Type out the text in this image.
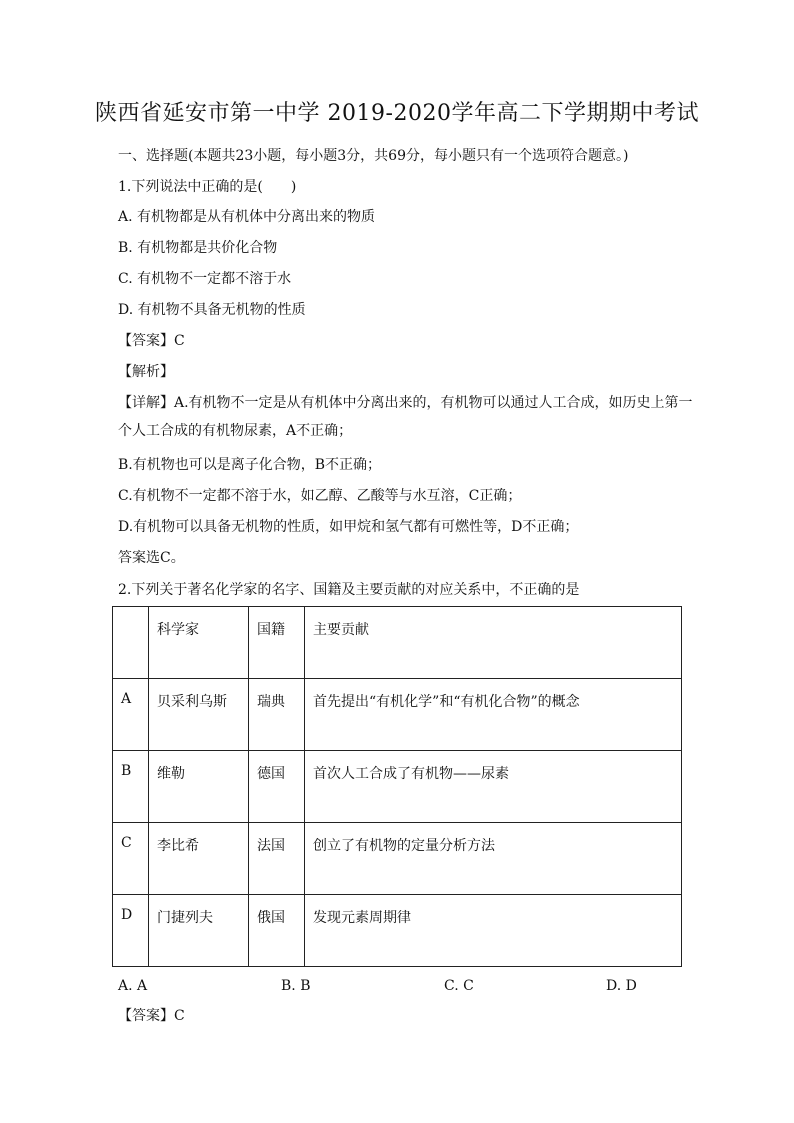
陕西省延安市第一中学 2019-2020学年高二下学期期中考试
一、选择题(本题共23小题，每小题3分，共69分，每小题只有一个选项符合题意。)
1.下列说法中正确的是(　　)
A. 有机物都是从有机体中分离出来的物质
B. 有机物都是共价化合物
C. 有机物不一定都不溶于水
D. 有机物不具备无机物的性质
【答案】C
【解析】
【详解】A.有机物不一定是从有机体中分离出来的，有机物可以通过人工合成，如历史上第一个人工合成的有机物尿素，A不正确；
B.有机物也可以是离子化合物，B不正确；
C.有机物不一定都不溶于水，如乙醇、乙酸等与水互溶，C正确；
D.有机物可以具备无机物的性质，如甲烷和氢气都有可燃性等，D不正确；
答案选C。
2.下列关于著名化学家的名字、国籍及主要贡献的对应关系中，不正确的是
	科学家	国籍	主要贡献
A	贝采利乌斯	瑞典	首先提出“有机化学”和“有机化合物”的概念
B	维勒	德国	首次人工合成了有机物——尿素
C	李比希	法国	创立了有机物的定量分析方法
D	门捷列夫	俄国	发现元素周期律
A. A	B. B	C. C	D. D
【答案】C
